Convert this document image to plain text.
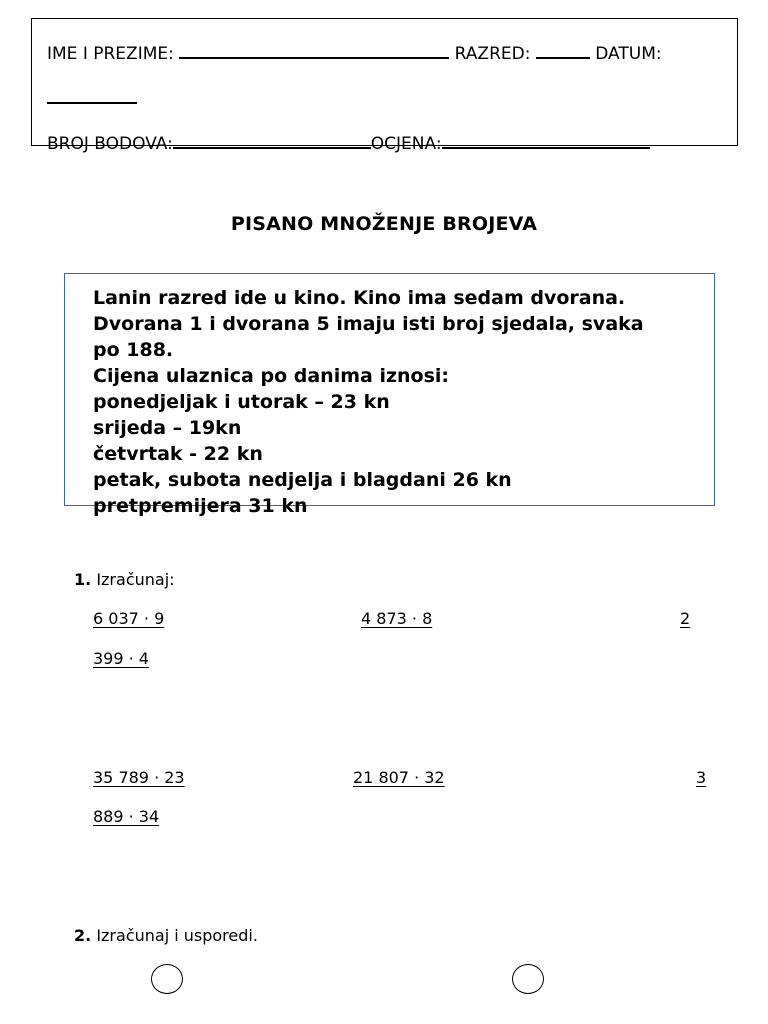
IME I PREZIME:	RAZRED:	DATUM:
BROJ BODOVA:	OCJENA:
PISANO MNOŽENJE BROJEVA
Lanin razred ide u kino. Kino ima sedam dvorana.
Dvorana 1 i dvorana 5 imaju isti broj sjedala, svaka
po 188.
Cijena ulaznica po danima iznosi:
ponedjeljak i utorak – 23 kn
srijeda – 19kn
četvrtak - 22 kn
petak, subota nedjelja i blagdani 26 kn
pretpremijera 31 kn
1. Izračunaj:
6 037 · 9	4 873 · 8	2
399 · 4
35 789 · 23	21 807 · 32	3
889 · 34
2. Izračunaj i usporedi.
